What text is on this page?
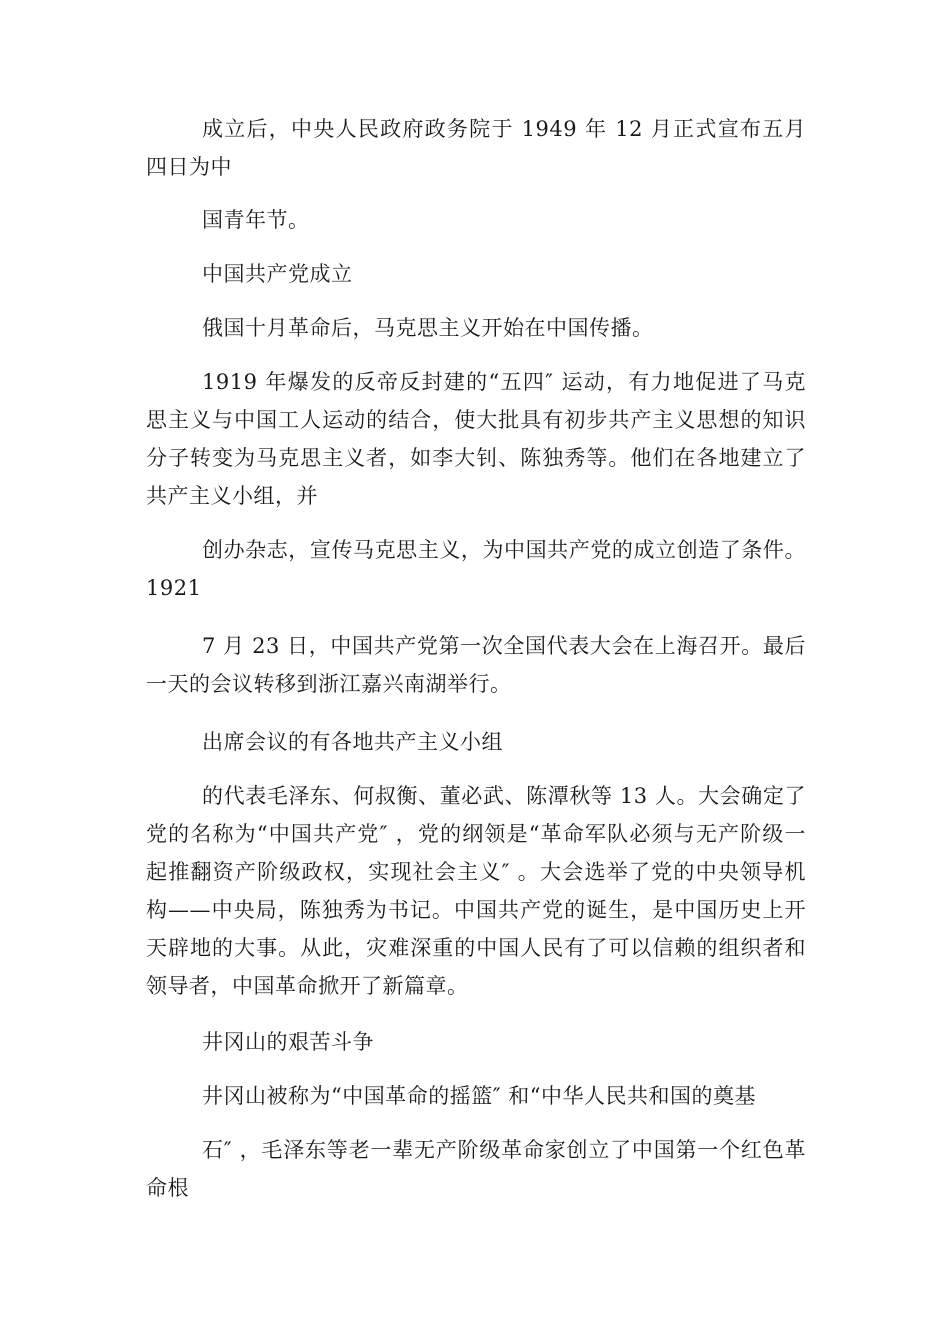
成立后，中央人民政府政务院于 1949 年 12 月正式宣布五月四日为中

国青年节。

中国共产党成立

俄国十月革命后，马克思主义开始在中国传播。

1919 年爆发的反帝反封建的“五四″ 运动，有力地促进了马克思主义与中国工人运动的结合，使大批具有初步共产主义思想的知识分子转变为马克思主义者，如李大钊、陈独秀等。他们在各地建立了共产主义小组，并

创办杂志，宣传马克思主义，为中国共产党的成立创造了条件。1921

7 月 23 日，中国共产党第一次全国代表大会在上海召开。最后一天的会议转移到浙江嘉兴南湖举行。

出席会议的有各地共产主义小组

的代表毛泽东、何叔衡、董必武、陈潭秋等 13 人。大会确定了党的名称为“中国共产党″ ，党的纲领是“革命军队必须与无产阶级一起推翻资产阶级政权，实现社会主义″ 。大会选举了党的中央领导机构——中央局，陈独秀为书记。中国共产党的诞生，是中国历史上开天辟地的大事。从此，灾难深重的中国人民有了可以信赖的组织者和领导者，中国革命掀开了新篇章。

井冈山的艰苦斗争

井冈山被称为“中国革命的摇篮″ 和“中华人民共和国的奠基

石″ ，毛泽东等老一辈无产阶级革命家创立了中国第一个红色革命根
